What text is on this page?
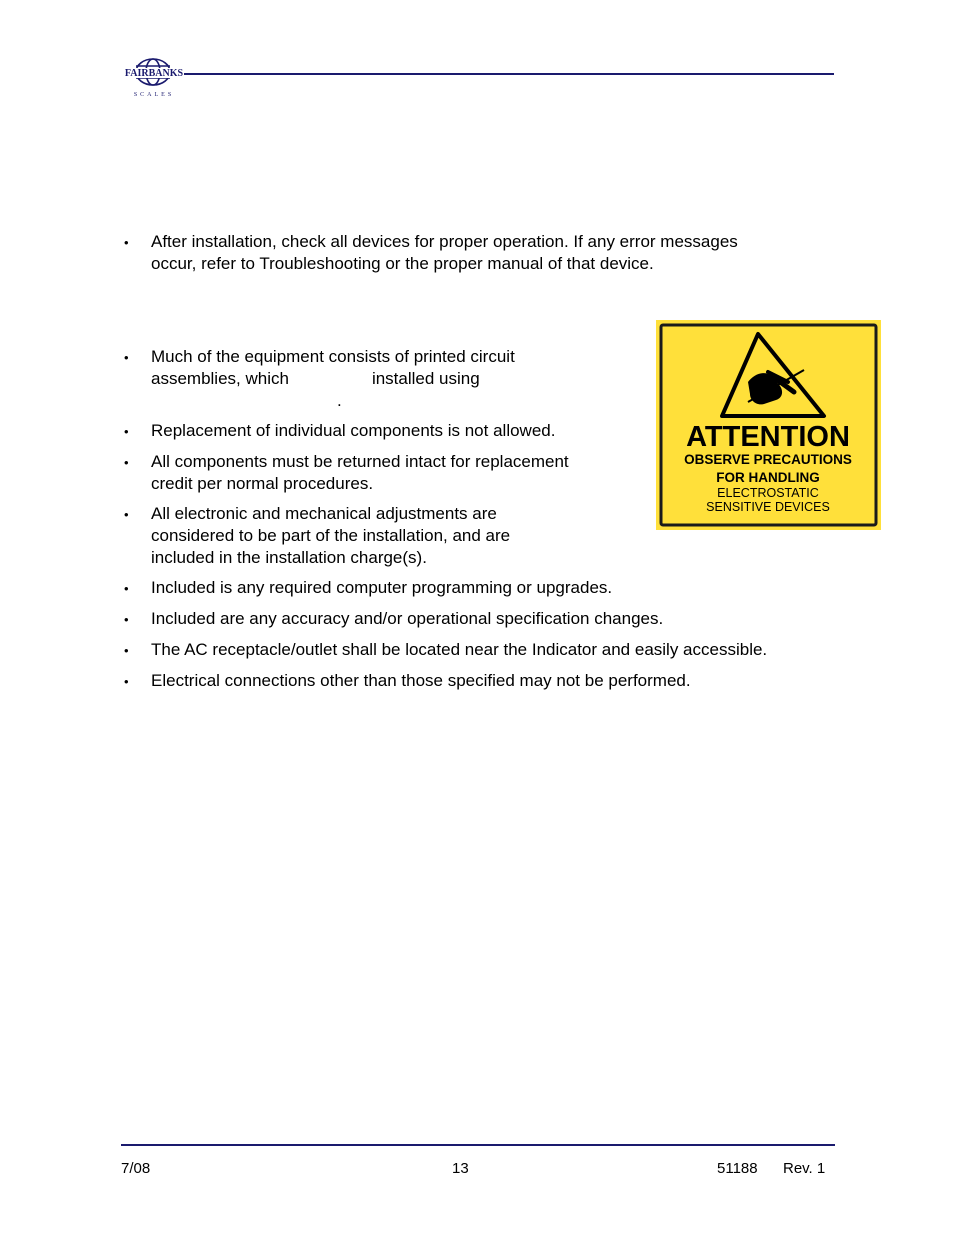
FAIRBANKS
SCALES
•
After installation, check all devices for proper operation. If any error messages
occur, refer to Troubleshooting or the proper manual of that device.
•
Much of the equipment consists of printed circuit
assemblies, which	installed using
.
•
Replacement of individual components is not allowed.
•
All components must be returned intact for replacement
credit per normal procedures.
•
All electronic and mechanical adjustments are
considered to be part of the installation, and are
included in the installation charge(s).
•
Included is any required computer programming or upgrades.
•
Included are any accuracy and/or operational specification changes.
•
The AC receptacle/outlet shall be located near the Indicator and easily accessible.
•
Electrical connections other than those specified may not be performed.
ATTENTION
OBSERVE PRECAUTIONS
FOR HANDLING
ELECTROSTATIC
SENSITIVE DEVICES
7/08	13	51188 Rev. 1
